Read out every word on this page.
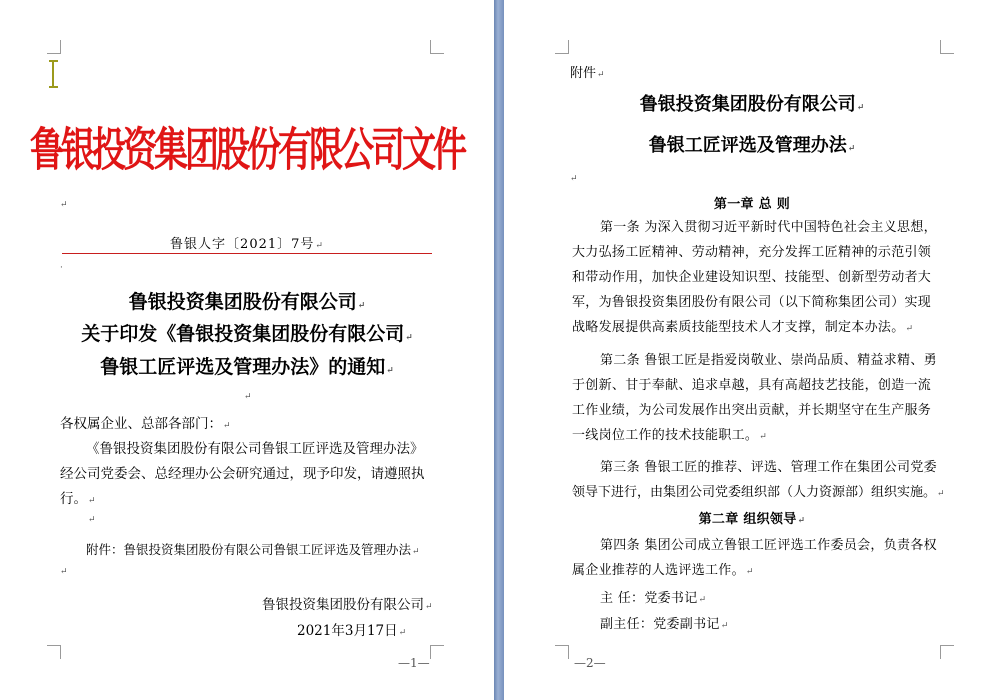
鲁银投资集团股份有限公司文件
↵
鲁银人字〔2021〕7号 ↵
·
鲁银投资集团股份有限公司 ↵
关于印发《鲁银投资集团股份有限公司 ↵
鲁银工匠评选及管理办法》的通知 ↵
↵
各权属企业、总部各部门： ↵
《鲁银投资集团股份有限公司鲁银工匠评选及管理办法》
经公司党委会、总经理办公会研究通过，现予印发，请遵照执
行。 ↵
↵
附件：鲁银投资集团股份有限公司鲁银工匠评选及管理办法 ↵
↵
鲁银投资集团股份有限公司 ↵
2021年3月17日 ↵
—1—
附件 ↵
鲁银投资集团股份有限公司 ↵
鲁银工匠评选及管理办法 ↵
↵
第一章 总 则
第一条 为深入贯彻习近平新时代中国特色社会主义思想，
大力弘扬工匠精神、劳动精神，充分发挥工匠精神的示范引领
和带动作用，加快企业建设知识型、技能型、创新型劳动者大
军，为鲁银投资集团股份有限公司（以下简称集团公司）实现
战略发展提供高素质技能型技术人才支撑，制定本办法。 ↵
第二条 鲁银工匠是指爱岗敬业、崇尚品质、精益求精、勇
于创新、甘于奉献、追求卓越，具有高超技艺技能，创造一流
工作业绩，为公司发展作出突出贡献，并长期坚守在生产服务
一线岗位工作的技术技能职工。 ↵
第三条 鲁银工匠的推荐、评选、管理工作在集团公司党委
领导下进行，由集团公司党委组织部（人力资源部）组织实施。 ↵
第二章 组织领导 ↵
第四条 集团公司成立鲁银工匠评选工作委员会，负责各权
属企业推荐的人选评选工作。 ↵
主 任：党委书记 ↵
副主任：党委副书记 ↵
—2—
